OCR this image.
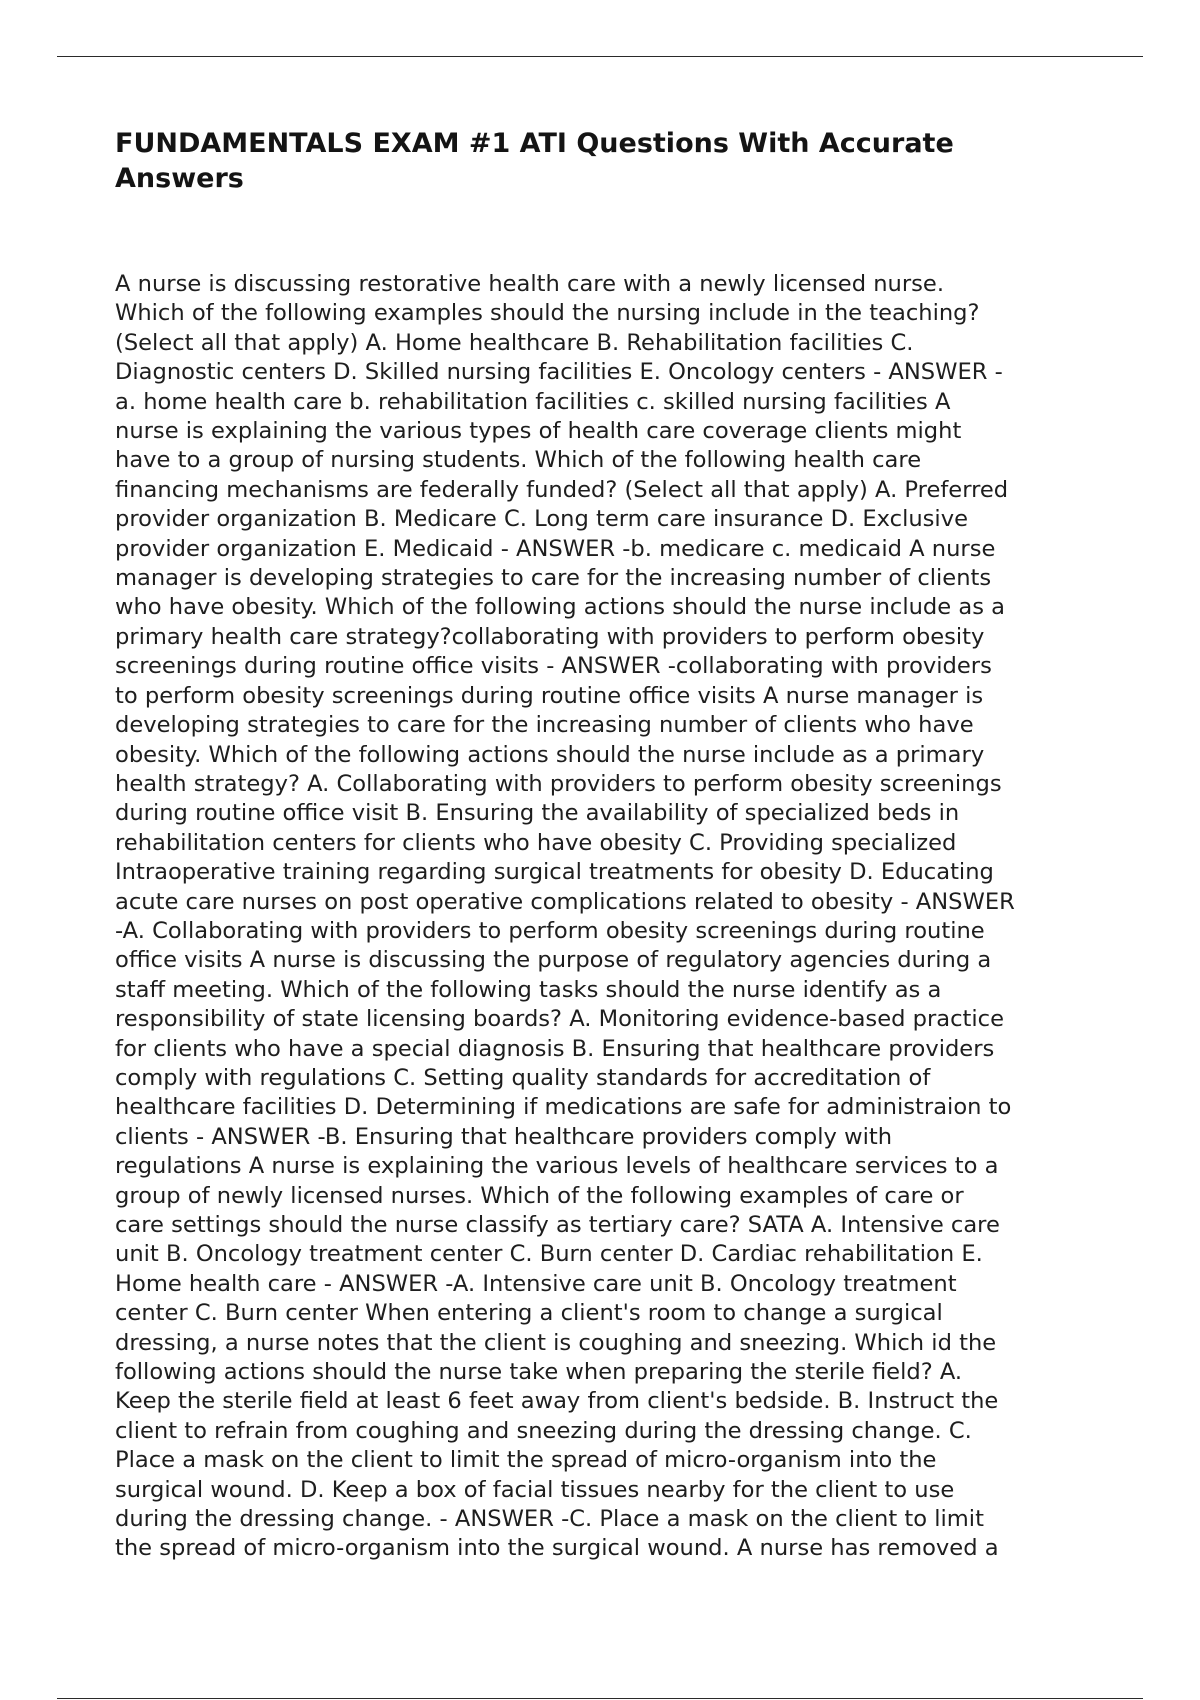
FUNDAMENTALS EXAM #1 ATI Questions With Accurate
Answers
A nurse is discussing restorative health care with a newly licensed nurse.
Which of the following examples should the nursing include in the teaching?
(Select all that apply) A. Home healthcare B. Rehabilitation facilities C.
Diagnostic centers D. Skilled nursing facilities E. Oncology centers - ANSWER -
a. home health care b. rehabilitation facilities c. skilled nursing facilities A
nurse is explaining the various types of health care coverage clients might
have to a group of nursing students. Which of the following health care
financing mechanisms are federally funded? (Select all that apply) A. Preferred
provider organization B. Medicare C. Long term care insurance D. Exclusive
provider organization E. Medicaid - ANSWER -b. medicare c. medicaid A nurse
manager is developing strategies to care for the increasing number of clients
who have obesity. Which of the following actions should the nurse include as a
primary health care strategy?collaborating with providers to perform obesity
screenings during routine office visits - ANSWER -collaborating with providers
to perform obesity screenings during routine office visits A nurse manager is
developing strategies to care for the increasing number of clients who have
obesity. Which of the following actions should the nurse include as a primary
health strategy? A. Collaborating with providers to perform obesity screenings
during routine office visit B. Ensuring the availability of specialized beds in
rehabilitation centers for clients who have obesity C. Providing specialized
Intraoperative training regarding surgical treatments for obesity D. Educating
acute care nurses on post operative complications related to obesity - ANSWER
-A. Collaborating with providers to perform obesity screenings during routine
office visits A nurse is discussing the purpose of regulatory agencies during a
staff meeting. Which of the following tasks should the nurse identify as a
responsibility of state licensing boards? A. Monitoring evidence-based practice
for clients who have a special diagnosis B. Ensuring that healthcare providers
comply with regulations C. Setting quality standards for accreditation of
healthcare facilities D. Determining if medications are safe for administraion to
clients - ANSWER -B. Ensuring that healthcare providers comply with
regulations A nurse is explaining the various levels of healthcare services to a
group of newly licensed nurses. Which of the following examples of care or
care settings should the nurse classify as tertiary care? SATA A. Intensive care
unit B. Oncology treatment center C. Burn center D. Cardiac rehabilitation E.
Home health care - ANSWER -A. Intensive care unit B. Oncology treatment
center C. Burn center When entering a client's room to change a surgical
dressing, a nurse notes that the client is coughing and sneezing. Which id the
following actions should the nurse take when preparing the sterile field? A.
Keep the sterile field at least 6 feet away from client's bedside. B. Instruct the
client to refrain from coughing and sneezing during the dressing change. C.
Place a mask on the client to limit the spread of micro-organism into the
surgical wound. D. Keep a box of facial tissues nearby for the client to use
during the dressing change. - ANSWER -C. Place a mask on the client to limit
the spread of micro-organism into the surgical wound. A nurse has removed a
